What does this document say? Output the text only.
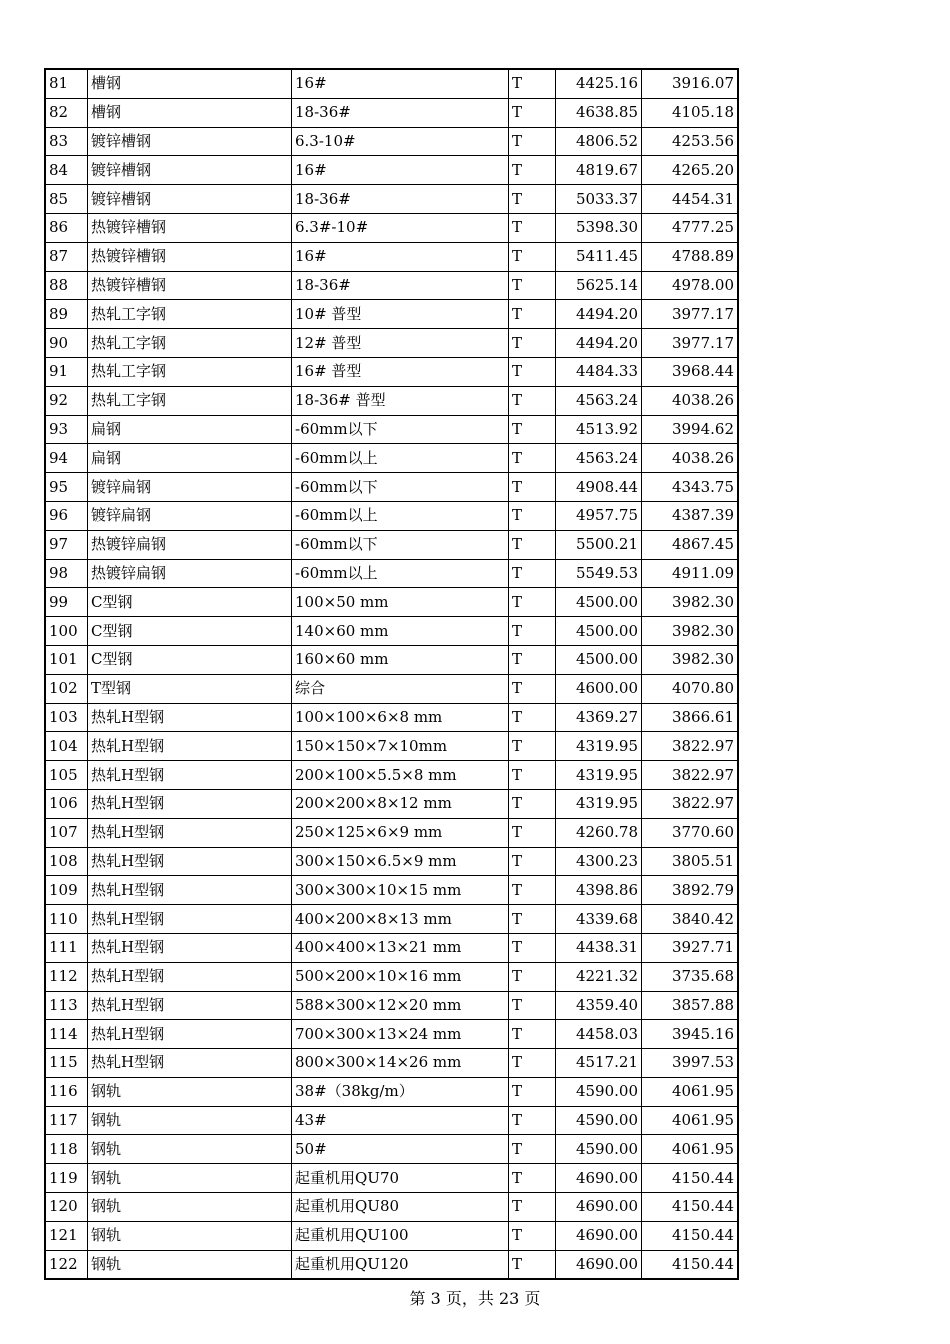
81	槽钢	16#	T	4425.16	3916.07
82	槽钢	18-36#	T	4638.85	4105.18
83	镀锌槽钢	6.3-10#	T	4806.52	4253.56
84	镀锌槽钢	16#	T	4819.67	4265.20
85	镀锌槽钢	18-36#	T	5033.37	4454.31
86	热镀锌槽钢	6.3#-10#	T	5398.30	4777.25
87	热镀锌槽钢	16#	T	5411.45	4788.89
88	热镀锌槽钢	18-36#	T	5625.14	4978.00
89	热轧工字钢	10# 普型	T	4494.20	3977.17
90	热轧工字钢	12# 普型	T	4494.20	3977.17
91	热轧工字钢	16# 普型	T	4484.33	3968.44
92	热轧工字钢	18-36# 普型	T	4563.24	4038.26
93	扁钢	-60mm以下	T	4513.92	3994.62
94	扁钢	-60mm以上	T	4563.24	4038.26
95	镀锌扁钢	-60mm以下	T	4908.44	4343.75
96	镀锌扁钢	-60mm以上	T	4957.75	4387.39
97	热镀锌扁钢	-60mm以下	T	5500.21	4867.45
98	热镀锌扁钢	-60mm以上	T	5549.53	4911.09
99	C型钢	100×50 mm	T	4500.00	3982.30
100	C型钢	140×60 mm	T	4500.00	3982.30
101	C型钢	160×60 mm	T	4500.00	3982.30
102	T型钢	综合	T	4600.00	4070.80
103	热轧H型钢	100×100×6×8 mm	T	4369.27	3866.61
104	热轧H型钢	150×150×7×10mm	T	4319.95	3822.97
105	热轧H型钢	200×100×5.5×8 mm	T	4319.95	3822.97
106	热轧H型钢	200×200×8×12 mm	T	4319.95	3822.97
107	热轧H型钢	250×125×6×9 mm	T	4260.78	3770.60
108	热轧H型钢	300×150×6.5×9 mm	T	4300.23	3805.51
109	热轧H型钢	300×300×10×15 mm	T	4398.86	3892.79
110	热轧H型钢	400×200×8×13 mm	T	4339.68	3840.42
111	热轧H型钢	400×400×13×21 mm	T	4438.31	3927.71
112	热轧H型钢	500×200×10×16 mm	T	4221.32	3735.68
113	热轧H型钢	588×300×12×20 mm	T	4359.40	3857.88
114	热轧H型钢	700×300×13×24 mm	T	4458.03	3945.16
115	热轧H型钢	800×300×14×26 mm	T	4517.21	3997.53
116	钢轨	38#（38kg/m）	T	4590.00	4061.95
117	钢轨	43#	T	4590.00	4061.95
118	钢轨	50#	T	4590.00	4061.95
119	钢轨	起重机用QU70	T	4690.00	4150.44
120	钢轨	起重机用QU80	T	4690.00	4150.44
121	钢轨	起重机用QU100	T	4690.00	4150.44
122	钢轨	起重机用QU120	T	4690.00	4150.44
第 3 页，共 23 页
